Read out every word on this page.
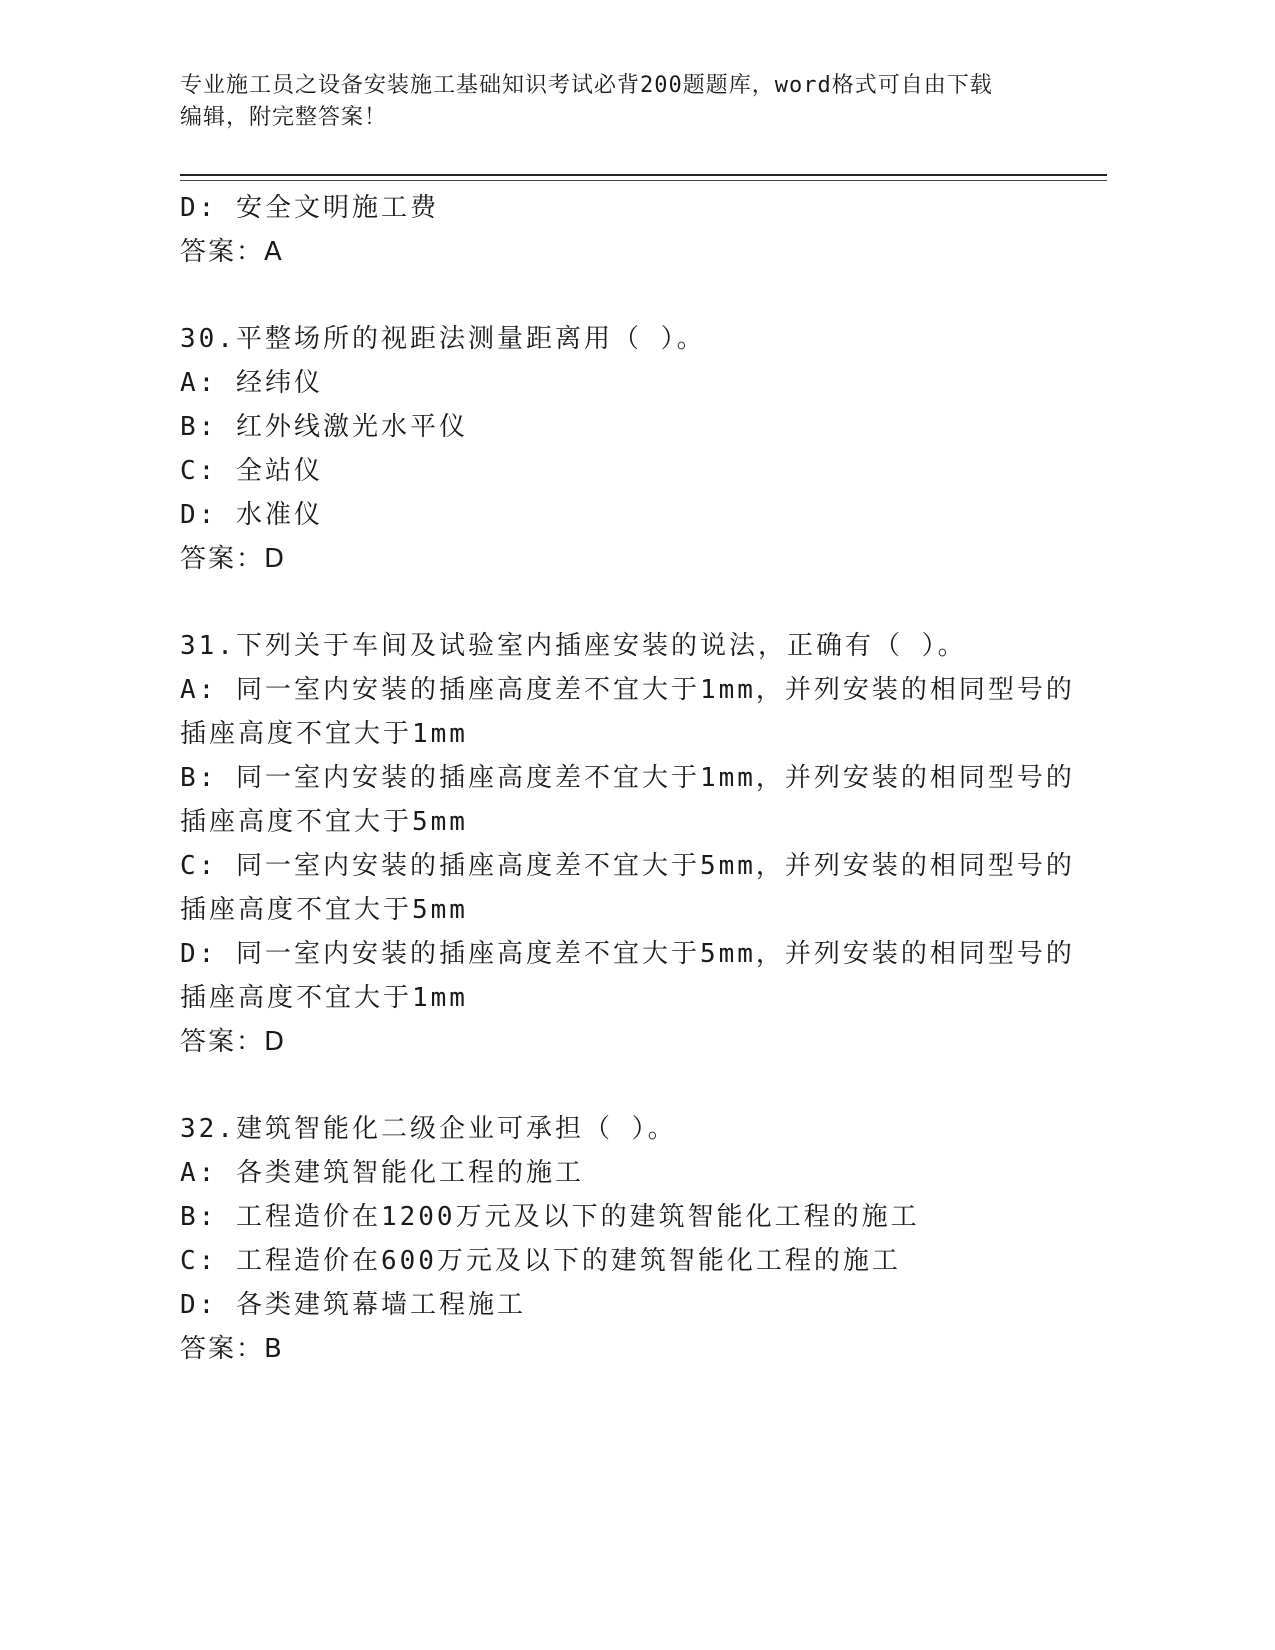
专业施工员之设备安装施工基础知识考试必背200题题库，word格式可自由下载
编辑，附完整答案！
D: 安全文明施工费
答案：A
30.平整场所的视距法测量距离用（ ）。
A: 经纬仪
B: 红外线激光水平仪
C: 全站仪
D: 水准仪
答案：D
31.下列关于车间及试验室内插座安装的说法，正确有（ ）。
A: 同一室内安装的插座高度差不宜大于1mm，并列安装的相同型号的
插座高度不宜大于1mm
B: 同一室内安装的插座高度差不宜大于1mm，并列安装的相同型号的
插座高度不宜大于5mm
C: 同一室内安装的插座高度差不宜大于5mm，并列安装的相同型号的
插座高度不宜大于5mm
D: 同一室内安装的插座高度差不宜大于5mm，并列安装的相同型号的
插座高度不宜大于1mm
答案：D
32.建筑智能化二级企业可承担（ ）。
A: 各类建筑智能化工程的施工
B: 工程造价在1200万元及以下的建筑智能化工程的施工
C: 工程造价在600万元及以下的建筑智能化工程的施工
D: 各类建筑幕墙工程施工
答案：B
